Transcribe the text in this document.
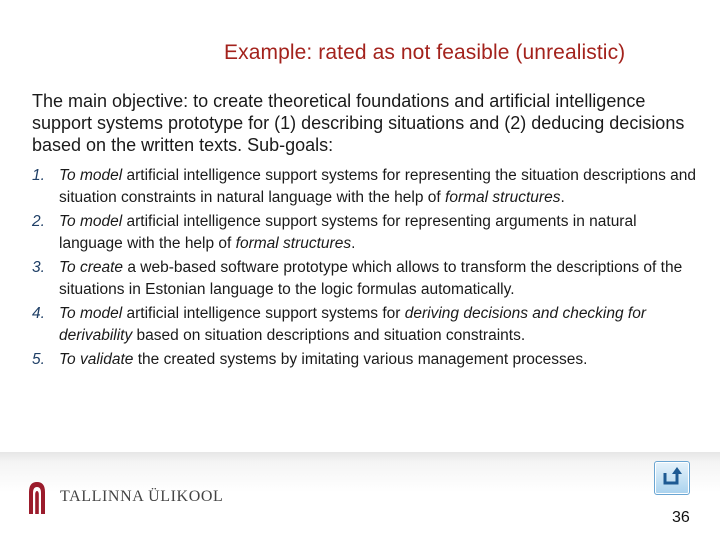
Example: rated as not feasible (unrealistic)
The main objective: to create theoretical foundations and artificial intelligence support systems prototype for (1) describing situations and (2) deducing decisions based on the written texts. Sub-goals:
1. To model artificial intelligence support systems for representing the situation descriptions and situation constraints in natural language with the help of formal structures.
2. To model artificial intelligence support systems for representing arguments in natural language with the help of formal structures.
3. To create a web-based software prototype which allows to transform the descriptions of the situations in Estonian language to the logic formulas automatically.
4. To model artificial intelligence support systems for deriving decisions and checking for derivability based on situation descriptions and situation constraints.
5. To validate the created systems by imitating various management processes.
TALLINNA ÜLIKOOL
36
